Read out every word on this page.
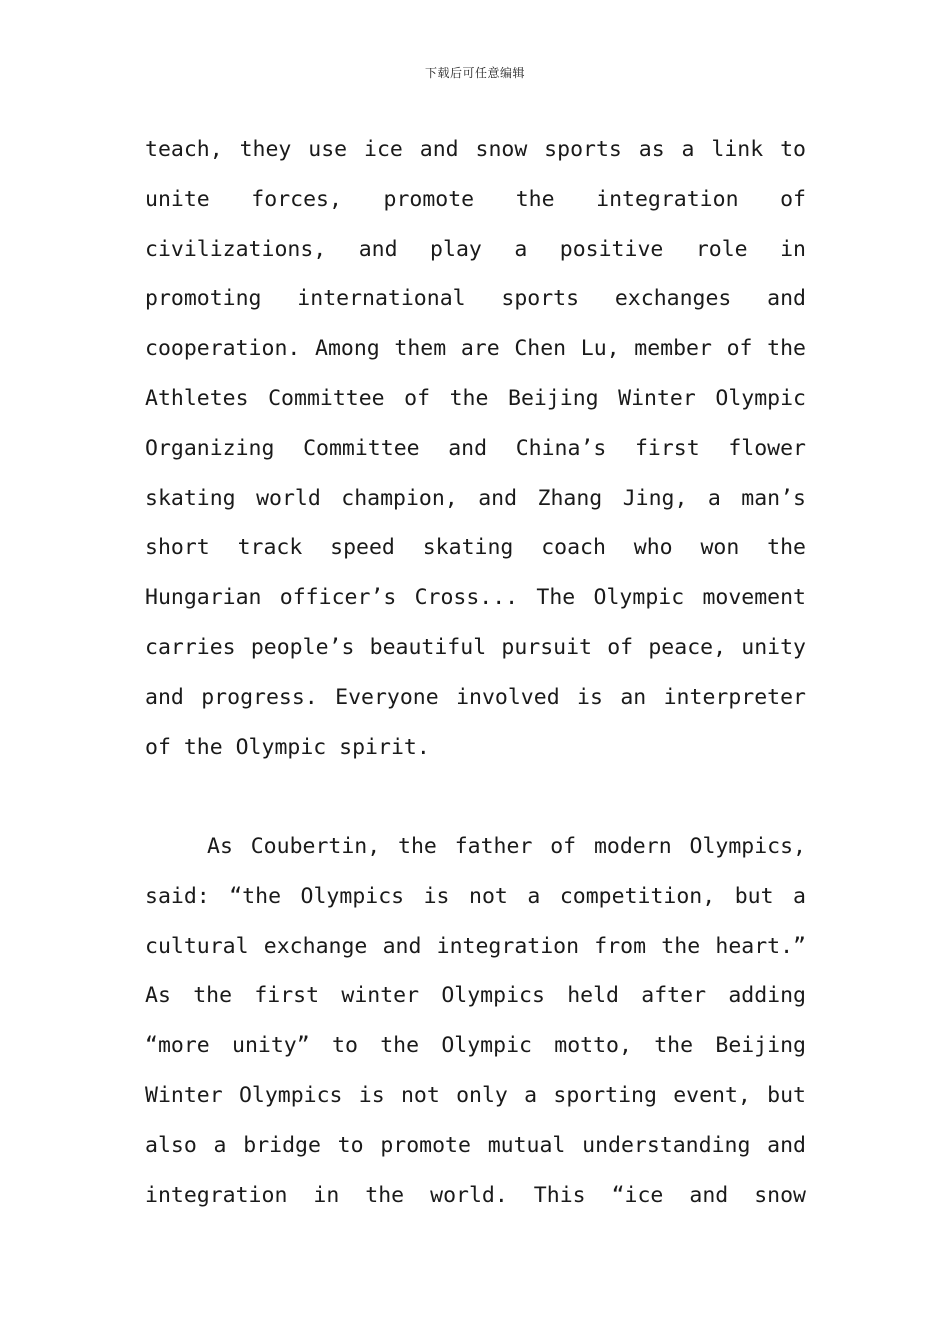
下载后可任意编辑
teach, they use ice and snow sports as a link to
unite forces, promote the integration of
civilizations, and play a positive role in
promoting international sports exchanges and
cooperation. Among them are Chen Lu, member of the
Athletes Committee of the Beijing Winter Olympic
Organizing Committee and China’s first flower
skating world champion, and Zhang Jing, a man’s
short track speed skating coach who won the
Hungarian officer’s Cross... The Olympic movement
carries people’s beautiful pursuit of peace, unity
and progress. Everyone involved is an interpreter
of the Olympic spirit.
As Coubertin, the father of modern Olympics,
said: “the Olympics is not a competition, but a
cultural exchange and integration from the heart.”
As the first winter Olympics held after adding
“more unity” to the Olympic motto, the Beijing
Winter Olympics is not only a sporting event, but
also a bridge to promote mutual understanding and
integration in the world. This “ice and snow
